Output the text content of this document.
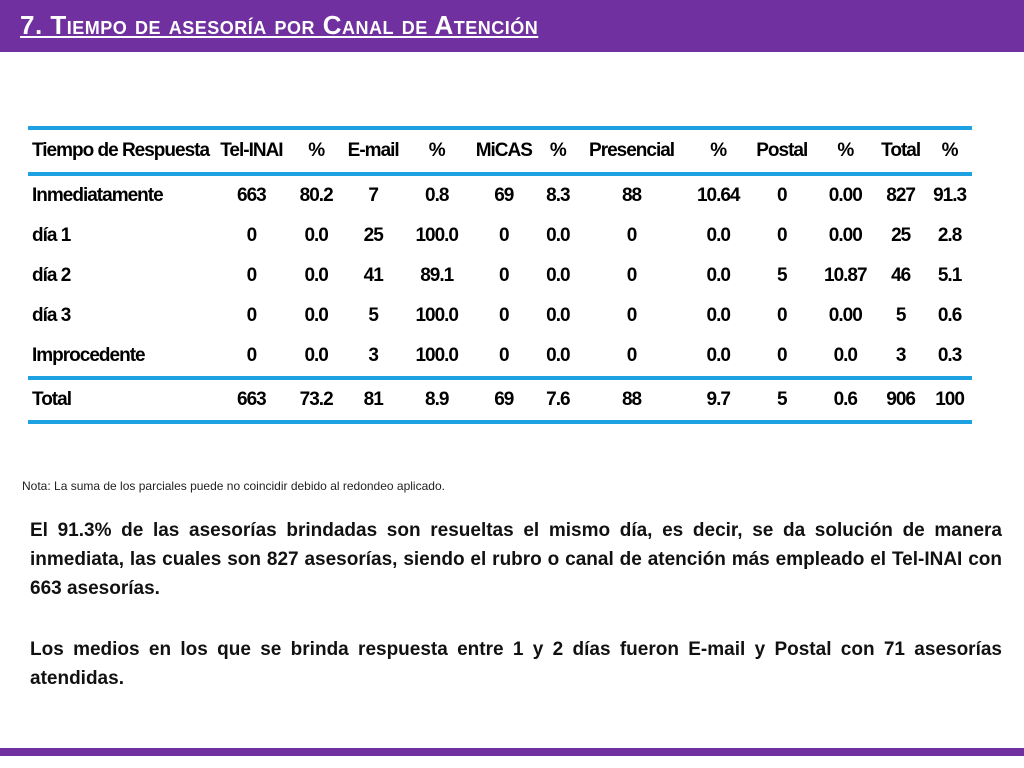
7. Tiempo de asesoría por Canal de Atención
Tiempo de Respuesta	Tel-INAI	%	E-mail	%	MiCAS	%	Presencial	%	Postal	%	Total	%
Inmediatamente	663	80.2	7	0.8	69	8.3	88	10.64	0	0.00	827	91.3
día 1	0	0.0	25	100.0	0	0.0	0	0.0	0	0.00	25	2.8
día 2	0	0.0	41	89.1	0	0.0	0	0.0	5	10.87	46	5.1
día 3	0	0.0	5	100.0	0	0.0	0	0.0	0	0.00	5	0.6
Improcedente	0	0.0	3	100.0	0	0.0	0	0.0	0	0.0	3	0.3
Total	663	73.2	81	8.9	69	7.6	88	9.7	5	0.6	906	100

Nota: La suma de los parciales puede no coincidir debido al redondeo aplicado.

El 91.3% de las asesorías brindadas son resueltas el mismo día, es decir, se da solución de manera inmediata, las cuales son 827 asesorías, siendo el rubro o canal de atención más empleado el Tel-INAI con 663 asesorías.

Los medios en los que se brinda respuesta entre 1 y 2 días fueron E-mail y Postal con 71 asesorías atendidas.
